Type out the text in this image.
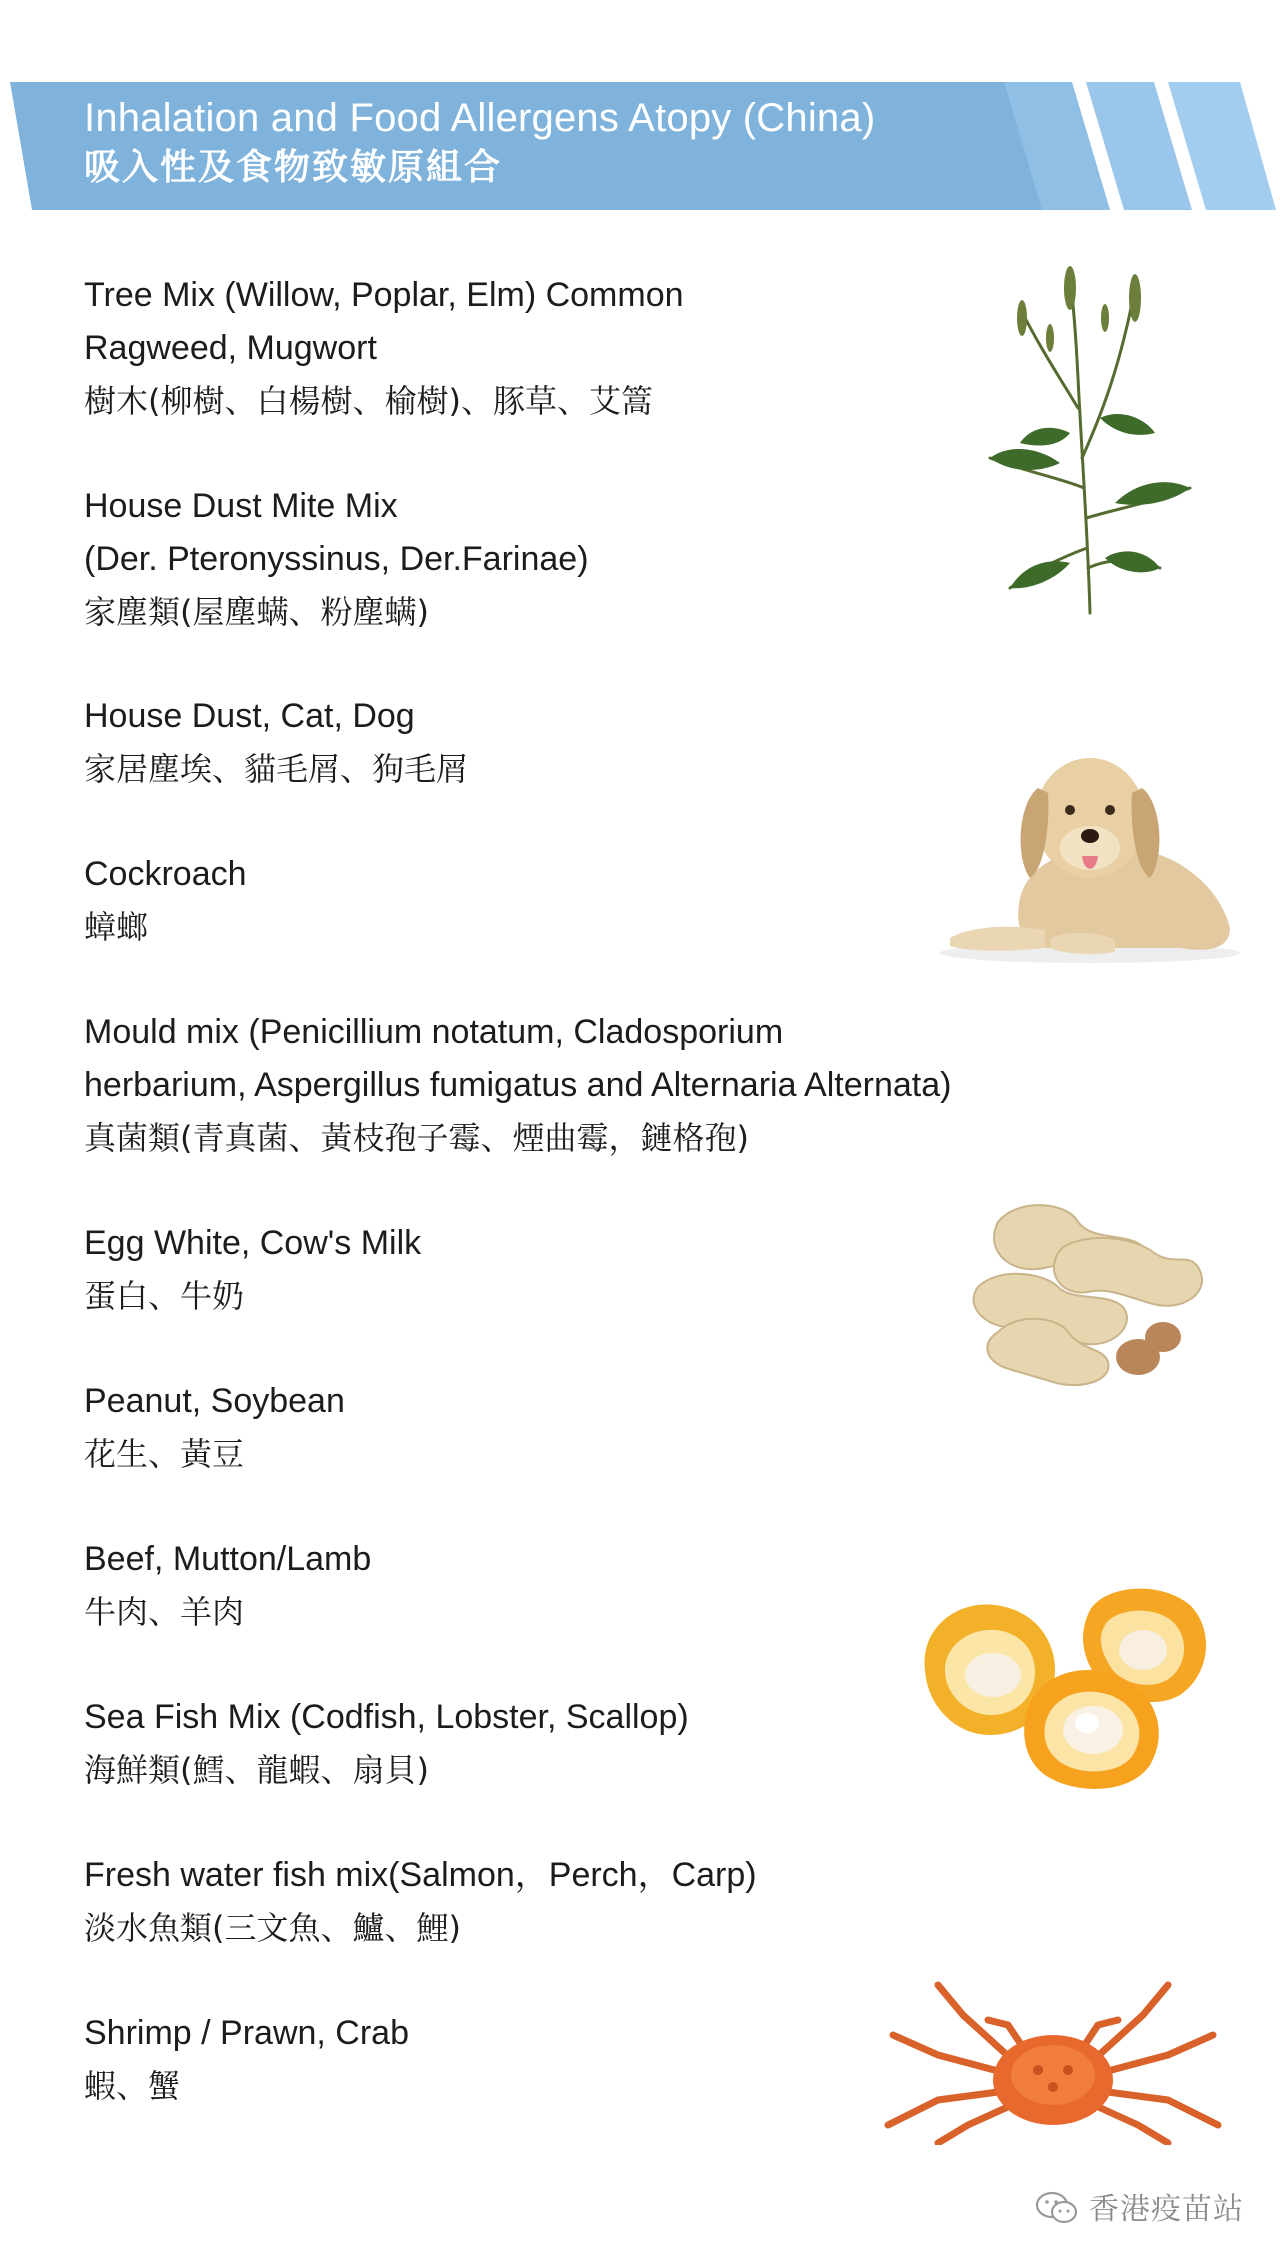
Inhalation and Food Allergens Atopy (China)
吸入性及食物致敏原組合
Tree Mix (Willow, Poplar, Elm) Common
Ragweed, Mugwort
樹木(柳樹、白楊樹、榆樹)、豚草、艾篙
House Dust Mite Mix
(Der. Pteronyssinus, Der.Farinae)
家塵類(屋塵螨、粉塵螨)
House Dust, Cat, Dog
家居塵埃、貓毛屑、狗毛屑
Cockroach
蟑螂
Mould mix (Penicillium notatum, Cladosporium
herbarium, Aspergillus fumigatus and Alternaria Alternata)
真菌類(青真菌、黃枝孢子霉、煙曲霉，鏈格孢)
Egg White, Cow's Milk
蛋白、牛奶
Peanut, Soybean
花生、黃豆
Beef, Mutton/Lamb
牛肉、羊肉
Sea Fish Mix (Codfish, Lobster, Scallop)
海鮮類(鱈、龍蝦、扇貝)
Fresh water fish mix(Salmon，Perch，Carp)
淡水魚類(三文魚、鱸、鯉)
Shrimp / Prawn, Crab
蝦、蟹
香港疫苗站
